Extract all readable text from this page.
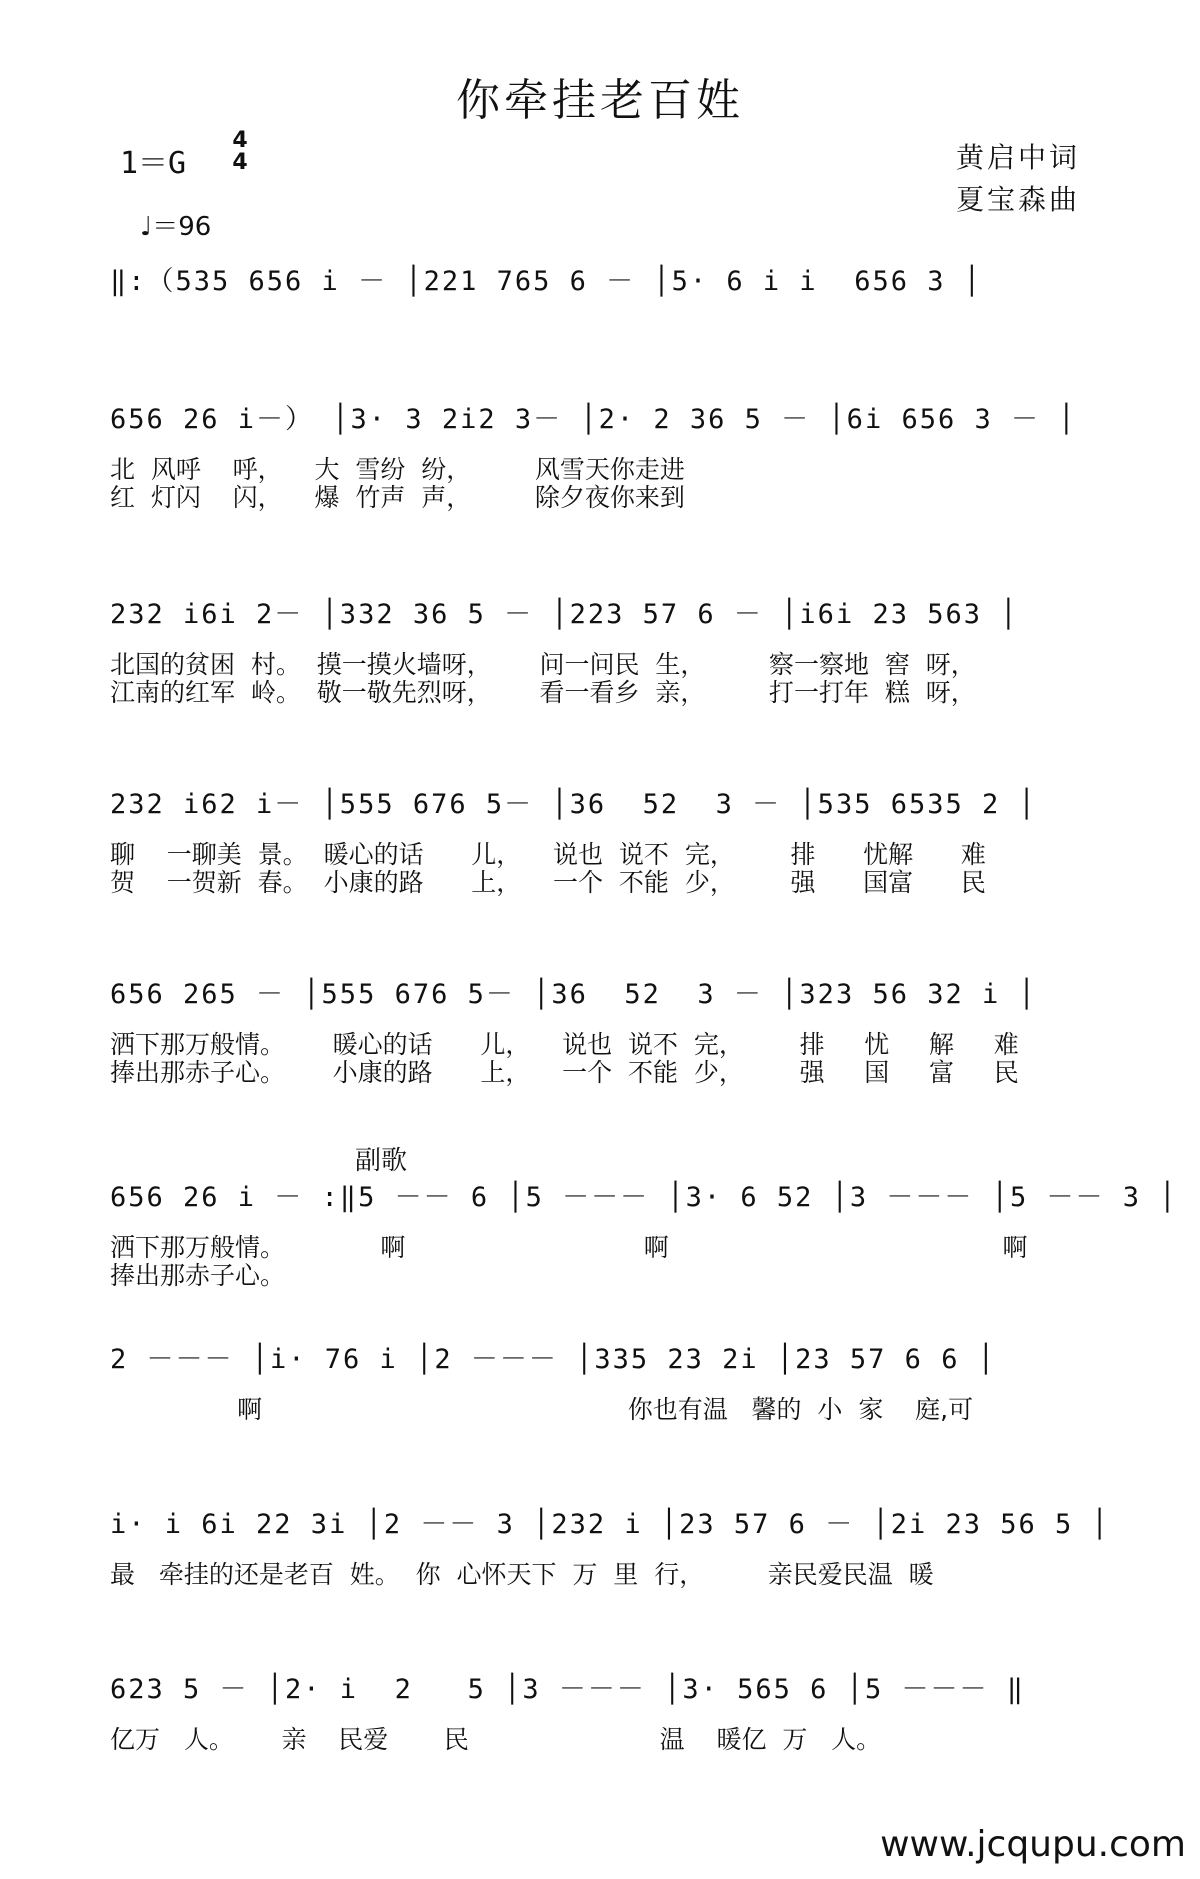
你牵挂老百姓
1＝G
4
4
♩＝96
黄启中词
夏宝森曲
‖:（535 656 i － │221 765 6 － │5· 6 i i  656 3 │
656 26 i－） │3· 3 2i2 3－ │2· 2 36 5 － │6i 656 3 － │
北  风呼    呼，    大  雪纷  纷，        风雪天你走进
红  灯闪    闪，    爆  竹声  声，        除夕夜你来到
232 i6i 2－ │332 36 5 － │223 57 6 － │i6i 23 563 │
北国的贫困  村。  摸一摸火墙呀，      问一问民  生，        察一察地  窖  呀，
江南的红军  岭。  敬一敬先烈呀，      看一看乡  亲，        打一打年  糕  呀，
232 i62 i－ │555 676 5－ │36  52  3 － │535 6535 2 │
聊    一聊美  景。  暖心的话      儿，    说也  说不  完，       排      忧解      难
贺    一贺新  春。  小康的路      上，    一个  不能  少，       强      国富      民
656 265 － │555 676 5－ │36  52  3 － │323 56 32 i │
洒下那万般情。      暖心的话      儿，    说也  说不  完，       排     忧     解     难
捧出那赤子心。      小康的路      上，    一个  不能  少，       强     国     富     民
副歌
656 26 i － :‖5 －－ 6 │5 －－－ │3· 6 52 │3 －－－ │5 －－ 3 │
洒下那万般情。            啊                              啊                                          啊
捧出那赤子心。
2 －－－ │i· 76 i │2 －－－ │335 23 2i │23 57 6 6 │
啊                                              你也有温   馨的  小  家    庭,可
i· i 6i 22 3i │2 －－ 3 │232 i │23 57 6 － │2i 23 56 5 │
最   牵挂的还是老百  姓。  你  心怀天下  万  里  行，        亲民爱民温  暖
623 5 － │2· i  2   5 │3 －－－ │3· 565 6 │5 －－－ ‖
亿万   人。      亲    民爱       民                        温    暖亿  万   人。
www.jcqupu.com
